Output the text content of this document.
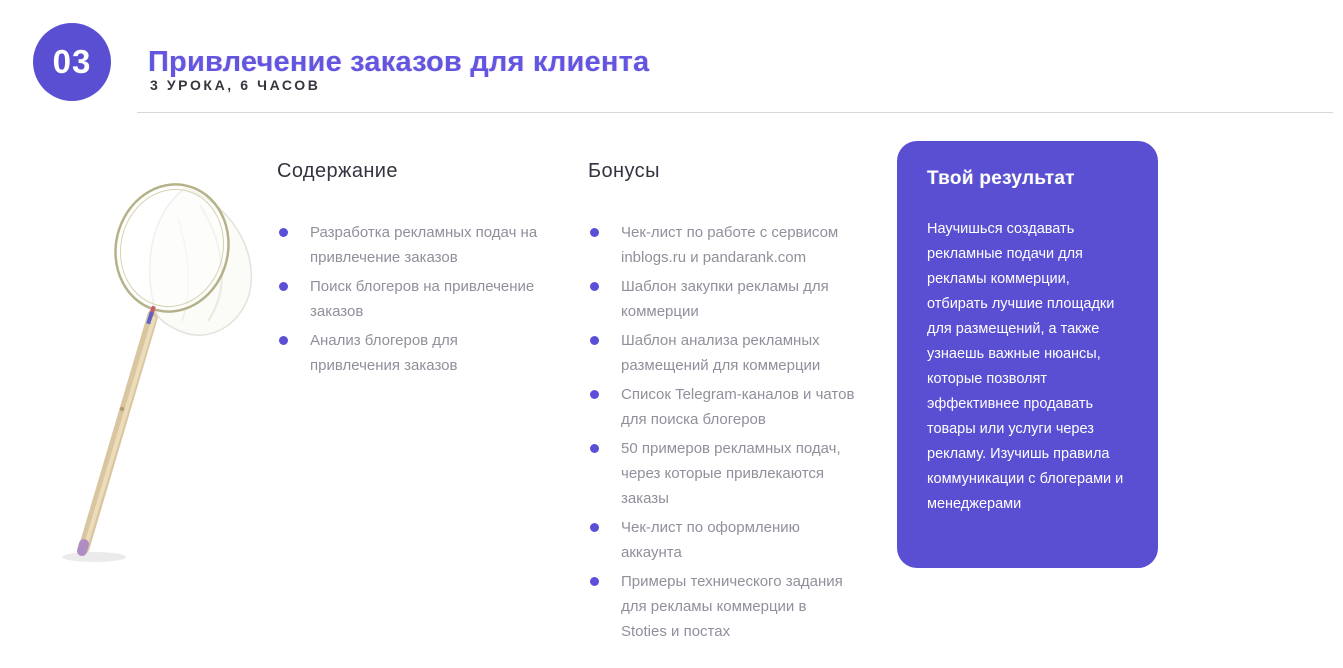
03 Привлечение заказов для клиента
3 УРОКА, 6 ЧАСОВ
Содержание
Разработка рекламных подач на привлечение заказов
Поиск блогеров на привлечение заказов
Анализ блогеров для привлечения заказов
Бонусы
Чек-лист по работе с сервисом inblogs.ru и pandarank.com
Шаблон закупки рекламы для коммерции
Шаблон анализа рекламных размещений для коммерции
Список Telegram-каналов и чатов для поиска блогеров
50 примеров рекламных подач, через которые привлекаются заказы
Чек-лист по оформлению аккаунта
Примеры технического задания для рекламы коммерции в Stoties и постах
Твой результат
Научишься создавать рекламные подачи для рекламы коммерции, отбирать лучшие площадки для размещений, а также узнаешь важные нюансы, которые позволят эффективнее продавать товары или услуги через рекламу. Изучишь правила коммуникации с блогерами и менеджерами
